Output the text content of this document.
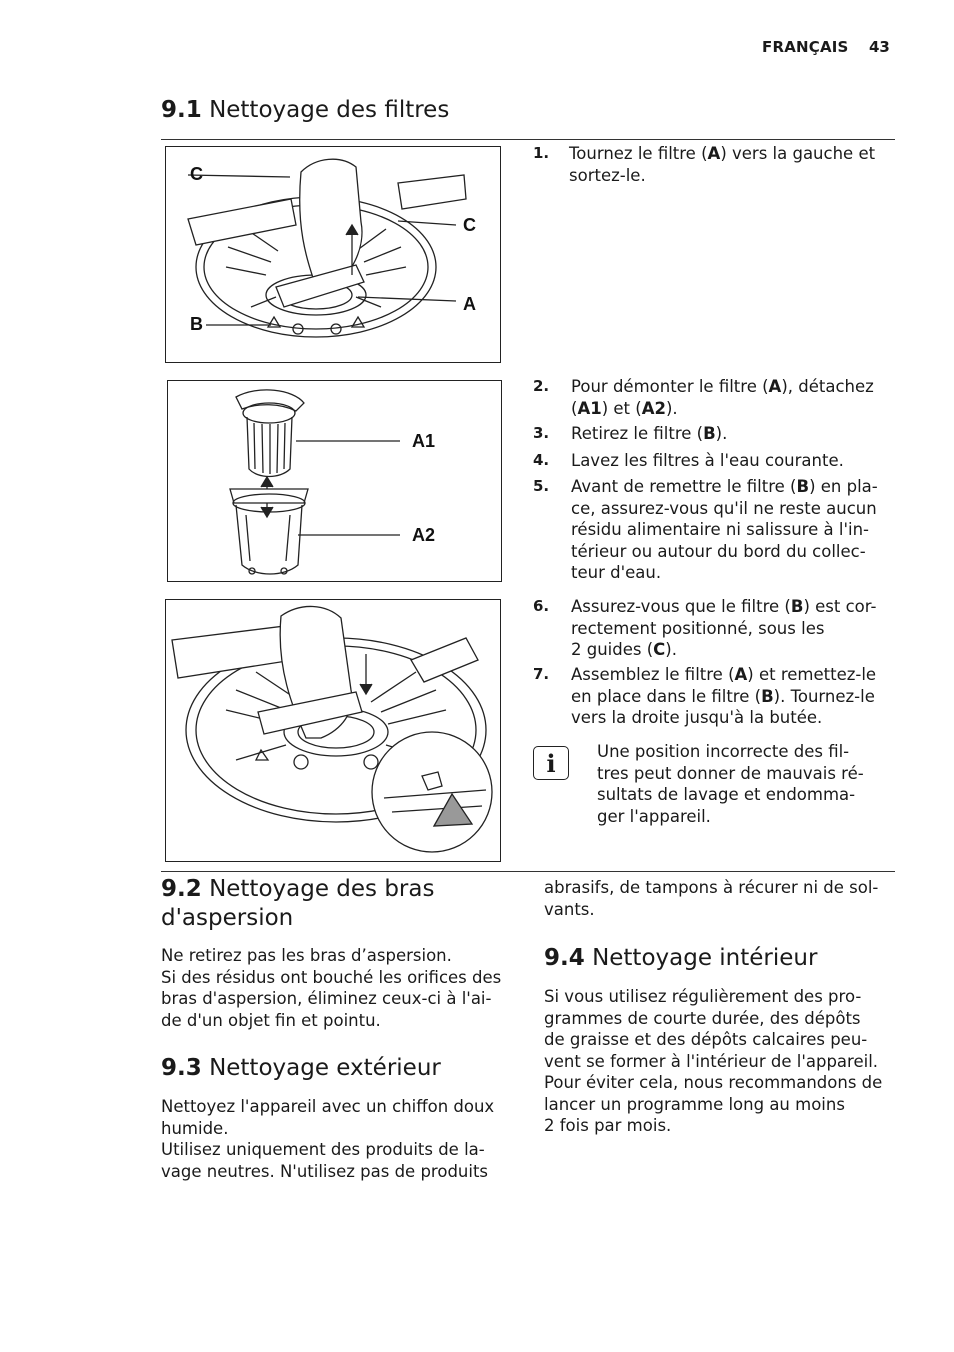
FRANÇAIS 43
9.1 Nettoyage des filtres
C
C
A
B
1. Tournez le filtre (A) vers la gauche et
sortez-le.
A1
A2
2. Pour démonter le filtre (A), détachez
(A1) et (A2).
3. Retirez le filtre (B).
4. Lavez les filtres à l'eau courante.
5. Avant de remettre le filtre (B) en pla-
ce, assurez-vous qu'il ne reste aucun
résidu alimentaire ni salissure à l'in-
térieur ou autour du bord du collec-
teur d'eau.
6. Assurez-vous que le filtre (B) est cor-
rectement positionné, sous les
2 guides (C).
7. Assemblez le filtre (A) et remettez-le
en place dans le filtre (B). Tournez-le
vers la droite jusqu'à la butée.
i	Une position incorrecte des fil-
tres peut donner de mauvais ré-
sultats de lavage et endomma-
ger l'appareil.
9.2 Nettoyage des bras
d'aspersion
Ne retirez pas les bras d’aspersion.
Si des résidus ont bouché les orifices des
bras d'aspersion, éliminez ceux-ci à l'ai-
de d'un objet fin et pointu.
9.3 Nettoyage extérieur
Nettoyez l'appareil avec un chiffon doux
humide.
Utilisez uniquement des produits de la-
vage neutres. N'utilisez pas de produits
abrasifs, de tampons à récurer ni de sol-
vants.
9.4 Nettoyage intérieur
Si vous utilisez régulièrement des pro-
grammes de courte durée, des dépôts
de graisse et des dépôts calcaires peu-
vent se former à l'intérieur de l'appareil.
Pour éviter cela, nous recommandons de
lancer un programme long au moins
2 fois par mois.
